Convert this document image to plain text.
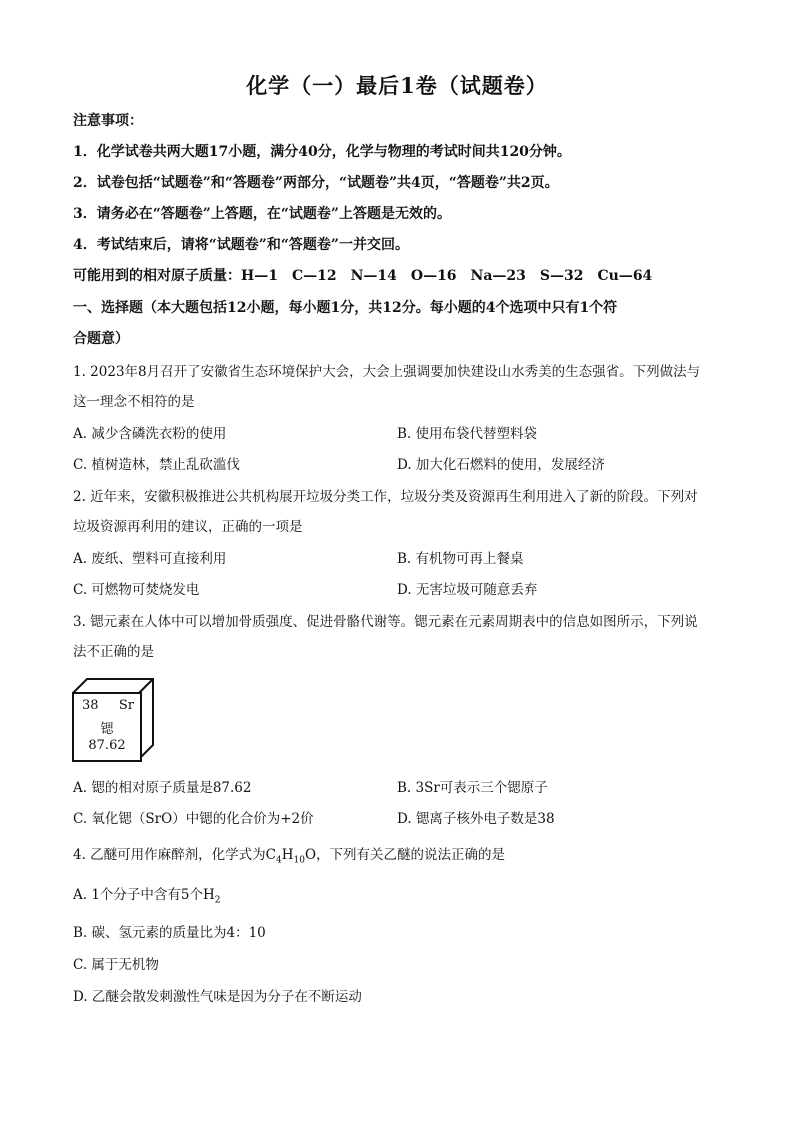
化学（一）最后1卷（试题卷）
注意事项：
1．化学试卷共两大题17小题，满分40分，化学与物理的考试时间共120分钟。
2．试卷包括“试题卷”和“答题卷”两部分，“试题卷”共4页，“答题卷”共2页。
3．请务必在“答题卷”上答题，在“试题卷”上答题是无效的。
4．考试结束后，请将“试题卷”和“答题卷”一并交回。
可能用到的相对原子质量：H—1　C—12　N—14　O—16　Na—23　S—32　Cu—64
一、选择题（本大题包括12小题，每小题1分，共12分。每小题的4个选项中只有1个符
合题意）
1. 2023年8月召开了安徽省生态环境保护大会，大会上强调要加快建设山水秀美的生态强省。下列做法与
这一理念不相符的是
A. 减少含磷洗衣粉的使用	B. 使用布袋代替塑料袋
C. 植树造林，禁止乱砍滥伐	D. 加大化石燃料的使用，发展经济
2. 近年来，安徽积极推进公共机构展开垃圾分类工作，垃圾分类及资源再生利用进入了新的阶段。下列对
垃圾资源再利用的建议，正确的一项是
A. 废纸、塑料可直接利用	B. 有机物可再上餐桌
C. 可燃物可焚烧发电	D. 无害垃圾可随意丢弃
3. 锶元素在人体中可以增加骨质强度、促进骨骼代谢等。锶元素在元素周期表中的信息如图所示，下列说
法不正确的是
38 Sr
锶
87.62
A. 锶的相对原子质量是87.62	B. 3Sr可表示三个锶原子
C. 氧化锶（SrO）中锶的化合价为+2价	D. 锶离子核外电子数是38
4. 乙醚可用作麻醉剂，化学式为$C_4H_{10}O$，下列有关乙醚的说法正确的是
A. 1个分子中含有5个$H_2$
B. 碳、氢元素的质量比为4：10
C. 属于无机物
D. 乙醚会散发刺激性气味是因为分子在不断运动
